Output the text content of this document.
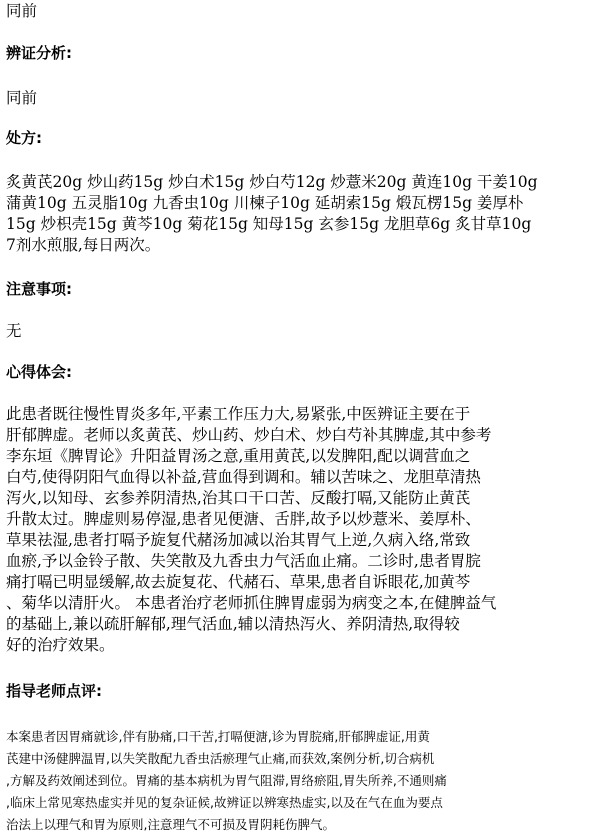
同前
辨证分析:
同前
处方:
炙黄芪20g 炒山药15g 炒白术15g 炒白芍12g 炒薏米20g 黄连10g 干姜10g
蒲黄10g 五灵脂10g 九香虫10g 川楝子10g 延胡索15g 煅瓦楞15g 姜厚朴
15g 炒枳壳15g 黄芩10g 菊花15g 知母15g 玄参15g 龙胆草6g 炙甘草10g
7剂水煎服,每日两次。
注意事项:
无
心得体会:
此患者既往慢性胃炎多年,平素工作压力大,易紧张,中医辨证主要在于
肝郁脾虚。老师以炙黄芪、炒山药、炒白术、炒白芍补其脾虚,其中参考
李东垣《脾胃论》升阳益胃汤之意,重用黄芪,以发脾阳,配以调营血之
白芍,使得阴阳气血得以补益,营血得到调和。辅以苦味之、龙胆草清热
泻火,以知母、玄参养阴清热,治其口干口苦、反酸打嗝,又能防止黄芪
升散太过。脾虚则易停湿,患者见便溏、舌胖,故予以炒薏米、姜厚朴、
草果祛湿,患者打嗝予旋复代赭汤加减以治其胃气上逆,久病入络,常致
血瘀,予以金铃子散、失笑散及九香虫力气活血止痛。二诊时,患者胃脘
痛打嗝已明显缓解,故去旋复花、代赭石、草果,患者自诉眼花,加黄芩
、菊华以清肝火。 本患者治疗老师抓住脾胃虚弱为病变之本,在健脾益气
的基础上,兼以疏肝解郁,理气活血,辅以清热泻火、养阴清热,取得较
好的治疗效果。
指导老师点评:
本案患者因胃痛就诊,伴有胁痛,口干苦,打嗝便溏,诊为胃脘痛,肝郁脾虚证,用黄
芪建中汤健脾温胃,以失笑散配九香虫活瘀理气止痛,而获效,案例分析,切合病机
,方解及药效阐述到位。胃痛的基本病机为胃气阻滞,胃络瘀阻,胃失所养,不通则痛
,临床上常见寒热虚实并见的复杂证候,故辨证以辨寒热虚实,以及在气在血为要点
治法上以理气和胃为原则,注意理气不可损及胃阴耗伤脾气。
